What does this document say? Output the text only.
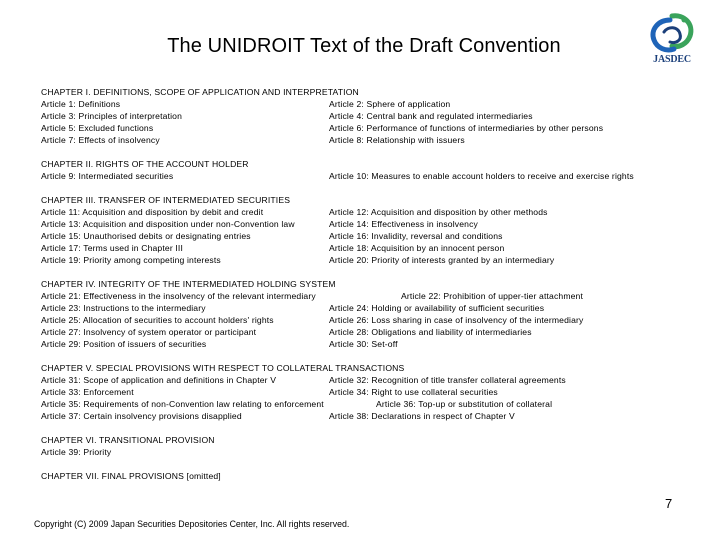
The UNIDROIT Text of the Draft Convention
JASDEC
CHAPTER I. DEFINITIONS, SCOPE OF APPLICATION AND INTERPRETATION
Article 1: Definitions	Article 2: Sphere of application
Article 3: Principles of interpretation	Article 4: Central bank and regulated intermediaries
Article 5: Excluded functions	Article 6: Performance of functions of intermediaries by other persons
Article 7: Effects of insolvency	Article 8: Relationship with issuers
CHAPTER II. RIGHTS OF THE ACCOUNT HOLDER
Article 9: Intermediated securities	Article 10: Measures to enable account holders to receive and exercise rights
CHAPTER III. TRANSFER OF INTERMEDIATED SECURITIES
Article 11: Acquisition and disposition by debit and credit	Article 12: Acquisition and disposition by other methods
Article 13: Acquisition and disposition under non-Convention law	Article 14: Effectiveness in insolvency
Article 15: Unauthorised debits or designating entries	Article 16: Invalidity, reversal and conditions
Article 17: Terms used in Chapter III	Article 18: Acquisition by an innocent person
Article 19: Priority among competing interests	Article 20: Priority of interests granted by an intermediary
CHAPTER IV. INTEGRITY OF THE INTERMEDIATED HOLDING SYSTEM
Article 21: Effectiveness in the insolvency of the relevant intermediary	Article 22: Prohibition of upper-tier attachment
Article 23: Instructions to the intermediary	Article 24: Holding or availability of sufficient securities
Article 25: Allocation of securities to account holders' rights	Article 26: Loss sharing in case of insolvency of the intermediary
Article 27: Insolvency of system operator or participant	Article 28: Obligations and liability of intermediaries
Article 29: Position of issuers of securities	Article 30: Set-off
CHAPTER V. SPECIAL PROVISIONS WITH RESPECT TO COLLATERAL TRANSACTIONS
Article 31: Scope of application and definitions in Chapter V	Article 32: Recognition of title transfer collateral agreements
Article 33: Enforcement	Article 34: Right to use collateral securities
Article 35: Requirements of non-Convention law relating to enforcement	Article 36: Top-up or substitution of collateral
Article 37: Certain insolvency provisions disapplied	Article 38: Declarations in respect of Chapter V
CHAPTER VI. TRANSITIONAL PROVISION
Article 39: Priority
CHAPTER VII. FINAL PROVISIONS [omitted]
7
Copyright (C) 2009 Japan Securities Depositories Center, Inc. All rights reserved.
